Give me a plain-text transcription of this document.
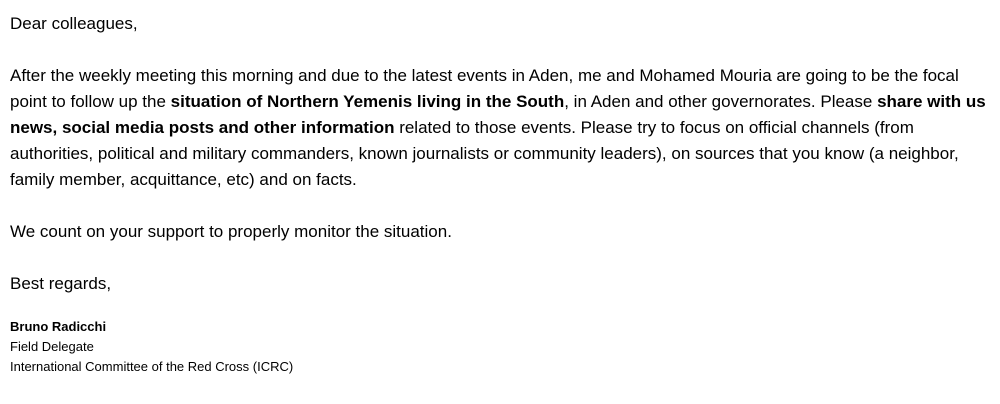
Dear colleagues,
After the weekly meeting this morning and due to the latest events in Aden, me and Mohamed Mouria are going to be the focal point to follow up the situation of Northern Yemenis living in the South, in Aden and other governorates. Please share with us news, social media posts and other information related to those events. Please try to focus on official channels (from authorities, political and military commanders, known journalists or community leaders), on sources that you know (a neighbor, family member, acquittance, etc) and on facts.
We count on your support to properly monitor the situation.
Best regards,
Bruno Radicchi
Field Delegate
International Committee of the Red Cross (ICRC)
